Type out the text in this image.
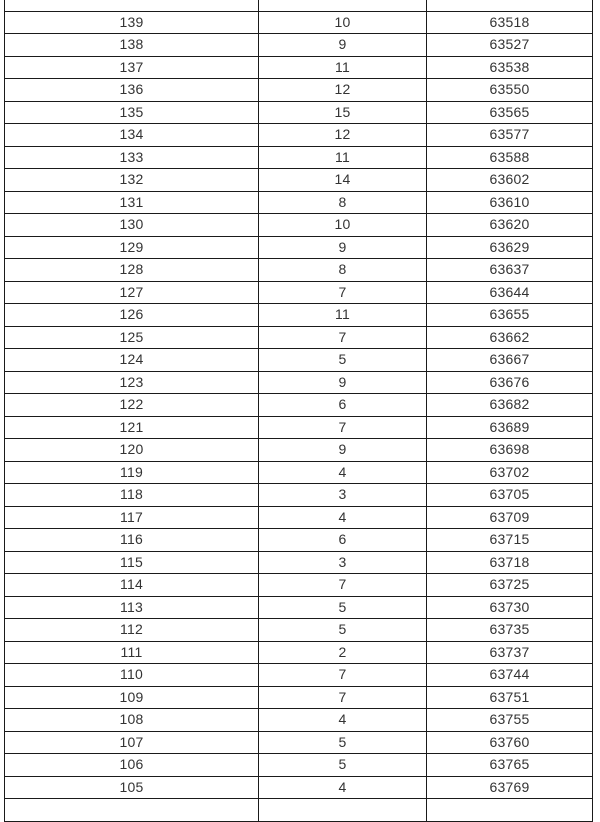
139	10	63518
138	9	63527
137	11	63538
136	12	63550
135	15	63565
134	12	63577
133	11	63588
132	14	63602
131	8	63610
130	10	63620
129	9	63629
128	8	63637
127	7	63644
126	11	63655
125	7	63662
124	5	63667
123	9	63676
122	6	63682
121	7	63689
120	9	63698
119	4	63702
118	3	63705
117	4	63709
116	6	63715
115	3	63718
114	7	63725
113	5	63730
112	5	63735
111	2	63737
110	7	63744
109	7	63751
108	4	63755
107	5	63760
106	5	63765
105	4	63769
